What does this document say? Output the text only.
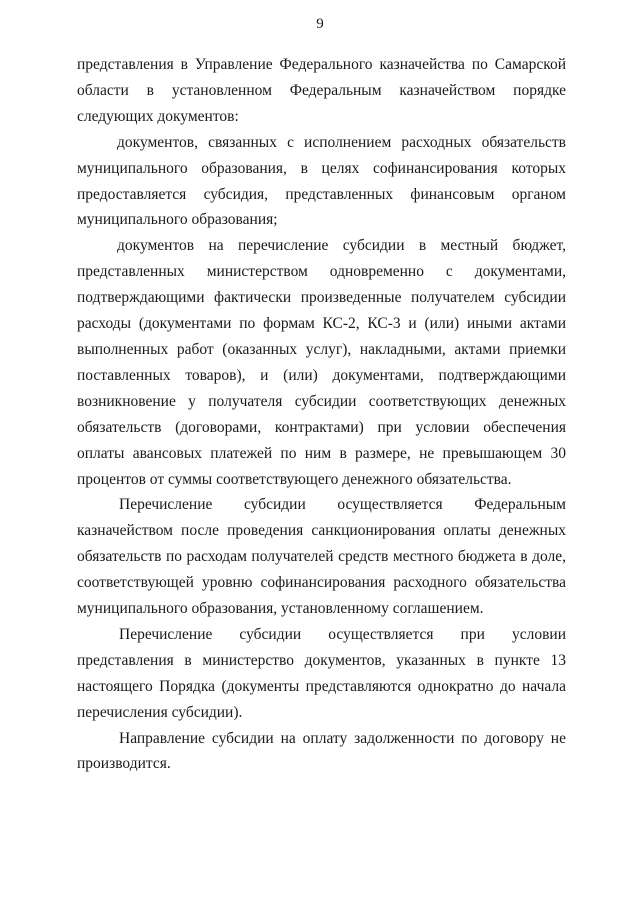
9

представления в Управление Федерального казначейства по Самарской области в установленном Федеральным казначейством порядке следующих документов:

документов, связанных с исполнением расходных обязательств муниципального образования, в целях софинансирования которых предоставляется субсидия, представленных финансовым органом муниципального образования;

документов на перечисление субсидии в местный бюджет, представленных министерством одновременно с документами, подтверждающими фактически произведенные получателем субсидии расходы (документами по формам КС-2, КС-3 и (или) иными актами выполненных работ (оказанных услуг), накладными, актами приемки поставленных товаров), и (или) документами, подтверждающими возникновение у получателя субсидии соответствующих денежных обязательств (договорами, контрактами) при условии обеспечения оплаты авансовых платежей по ним в размере, не превышающем 30 процентов от суммы соответствующего денежного обязательства.

Перечисление субсидии осуществляется Федеральным казначейством после проведения санкционирования оплаты денежных обязательств по расходам получателей средств местного бюджета в доле, соответствующей уровню софинансирования расходного обязательства муниципального образования, установленному соглашением.

Перечисление субсидии осуществляется при условии представления в министерство документов, указанных в пункте 13 настоящего Порядка (документы представляются однократно до начала перечисления субсидии).

Направление субсидии на оплату задолженности по договору не производится.
